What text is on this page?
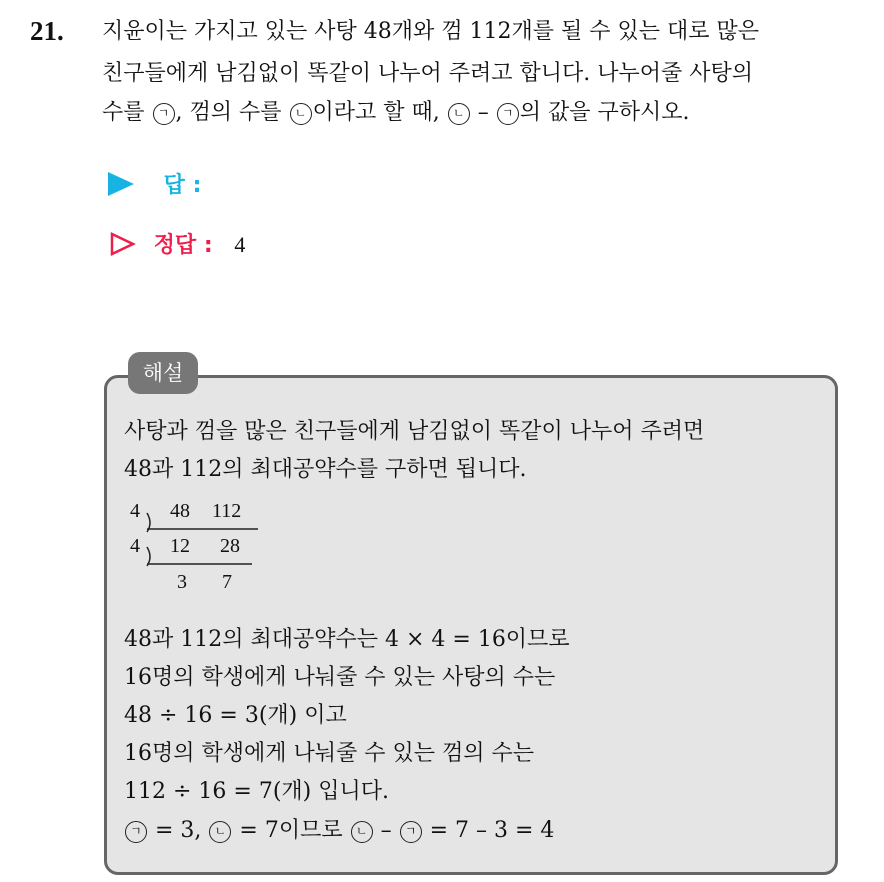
21. 지윤이는 가지고 있는 사탕 48개와 껌 112개를 될 수 있는 대로 많은
친구들에게 남김없이 똑같이 나누어 주려고 합니다. 나누어줄 사탕의
수를 ㄱ , 껌의 수를 ㄴ 이라고 할 때, ㄴ – ㄱ 의 값을 구하시오.
답 :
정답 : 4
해설
사탕과 껌을 많은 친구들에게 남김없이 똑같이 나누어 주려면
48과 112의 최대공약수를 구하면 됩니다.
4 48 112
4 12 28
3 7
48과 112의 최대공약수는 4 × 4 = 16이므로
16명의 학생에게 나눠줄 수 있는 사탕의 수는
48 ÷ 16 = 3(개) 이고
16명의 학생에게 나눠줄 수 있는 껌의 수는
112 ÷ 16 = 7(개) 입니다.
ㄱ = 3, ㄴ = 7이므로 ㄴ – ㄱ = 7 – 3 = 4
